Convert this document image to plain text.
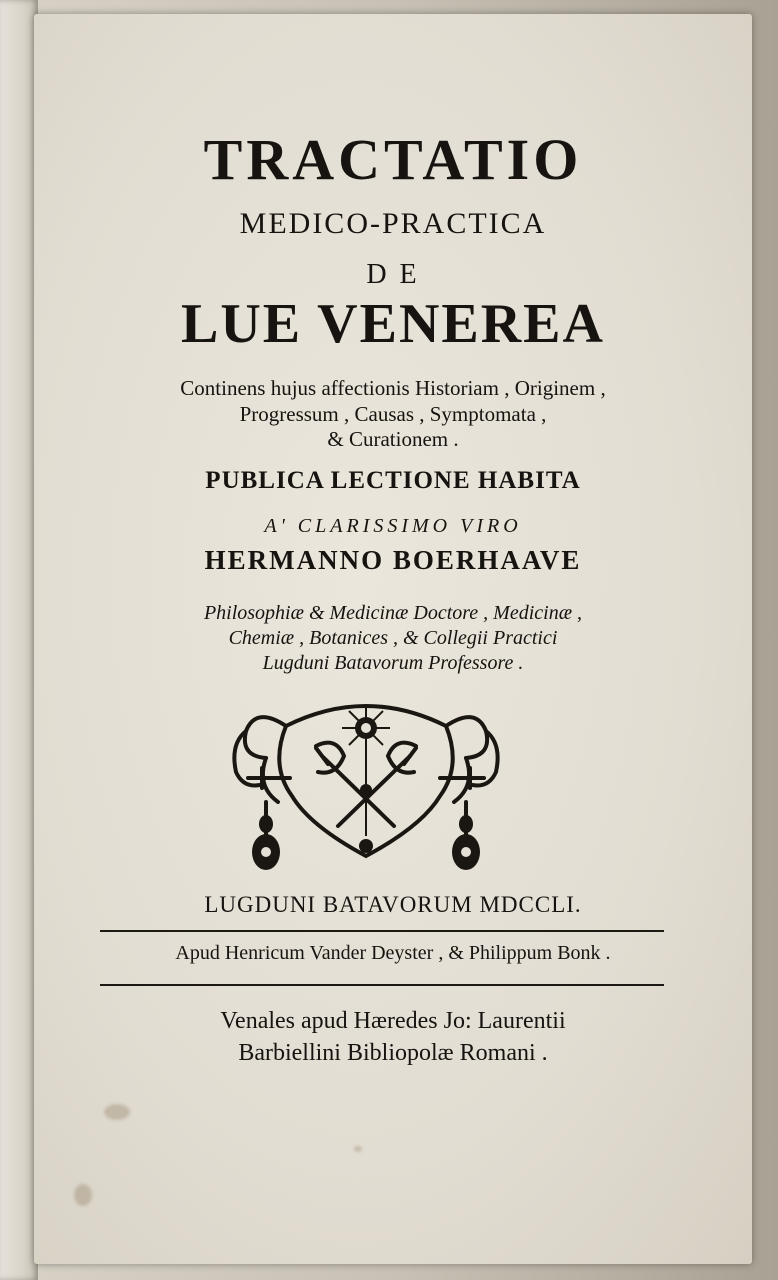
TRACTATIO
MEDICO-PRACTICA
D E
LUE VENEREA
Continens hujus affectionis Historiam , Originem ,
Progressum , Causas , Symptomata ,
& Curationem .
PUBLICA LECTIONE HABITA
A' CLARISSIMO VIRO
HERMANNO BOERHAAVE
Philosophiæ & Medicinæ Doctore , Medicinæ ,
Chemiæ , Botanices , & Collegii Practici
Lugduni Batavorum Professore .
LUGDUNI BATAVORUM MDCCLI.
Apud Henricum Vander Deyster , & Philippum Bonk .
Venales apud Hæredes Jo: Laurentii
Barbiellini Bibliopolæ Romani .
